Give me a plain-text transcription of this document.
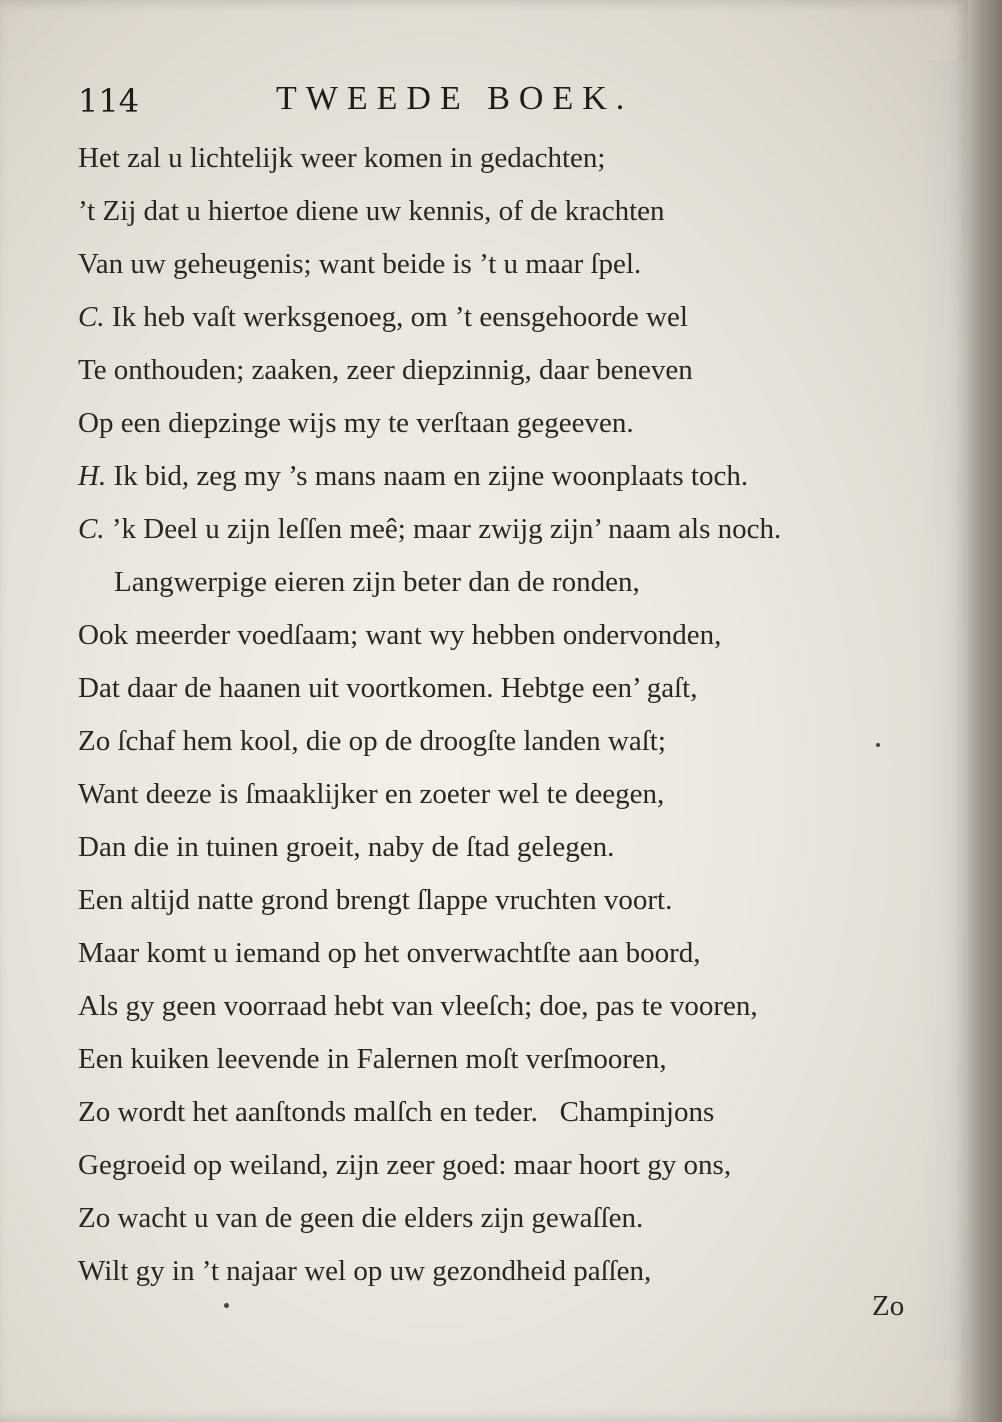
114	TWEEDE BOEK.
Het zal u lichtelijk weer komen in gedachten;
’t Zij dat u hiertoe diene uw kennis, of de krachten
Van uw geheugenis; want beide is ’t u maar ſpel.
C. Ik heb vaſt werksgenoeg, om ’t eensgehoorde wel
Te onthouden; zaaken, zeer diepzinnig, daar beneven
Op een diepzinge wijs my te verſtaan gegeeven.
H. Ik bid, zeg my ’s mans naam en zijne woonplaats toch.
C. ’k Deel u zijn leſſen meê; maar zwijg zijn’ naam als noch.
Langwerpige eieren zijn beter dan de ronden,
Ook meerder voedſaam; want wy hebben ondervonden,
Dat daar de haanen uit voortkomen. Hebtge een’ gaſt,
Zo ſchaf hem kool, die op de droogſte landen waſt;
Want deeze is ſmaaklijker en zoeter wel te deegen,
Dan die in tuinen groeit, naby de ſtad gelegen.
Een altijd natte grond brengt ſlappe vruchten voort.
Maar komt u iemand op het onverwachtſte aan boord,
Als gy geen voorraad hebt van vleeſch; doe, pas te vooren,
Een kuiken leevende in Falernen moſt verſmooren,
Zo wordt het aanſtonds malſch en teder.   Champinjons
Gegroeid op weiland, zijn zeer goed: maar hoort gy ons,
Zo wacht u van de geen die elders zijn gewaſſen.
Wilt gy in ’t najaar wel op uw gezondheid paſſen,
Zo
